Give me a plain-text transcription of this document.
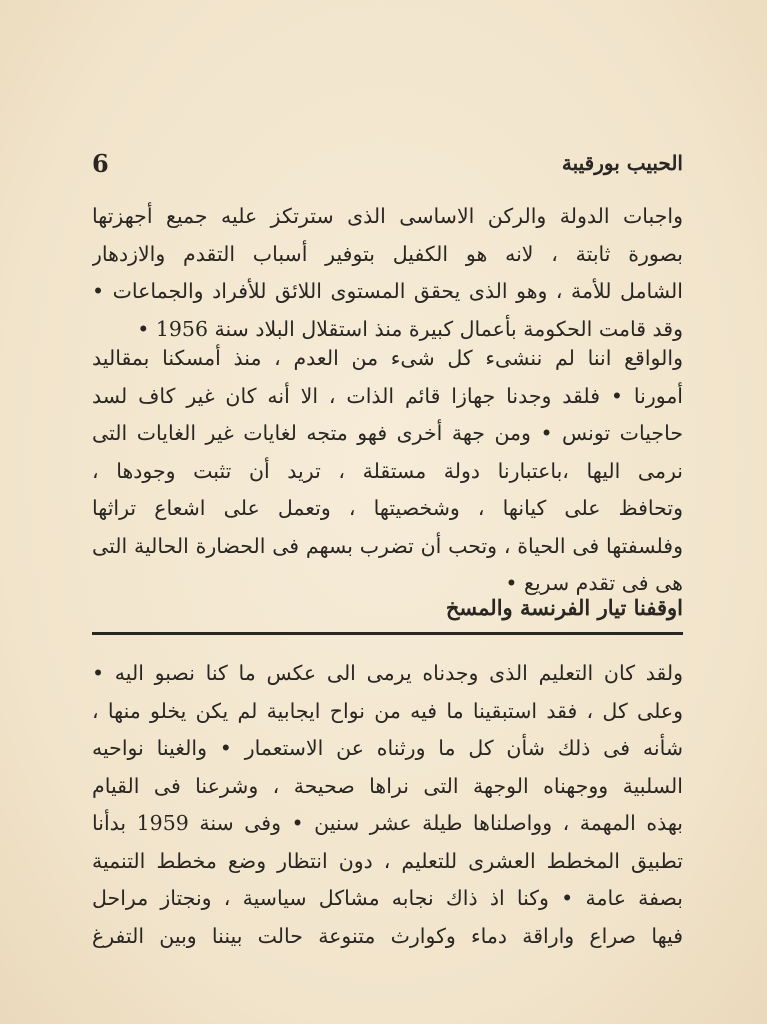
6	الحبيب بورقيبة
واجبات الدولة والركن الاساسى الذى سترتكز عليه جميع أجهزتها
بصورة ثابتة ، لانه هو الكفيل بتوفير أسباب التقدم والازدهار
الشامل للأمة ، وهو الذى يحقق المستوى اللائق للأفراد والجماعات •
وقد قامت الحكومة بأعمال كبيرة منذ استقلال البلاد سنة 1956 •
والواقع اننا لم ننشىء كل شىء من العدم ، منذ أمسكنا بمقاليد
أمورنا • فلقد وجدنا جهازا قائم الذات ، الا أنه كان غير كاف لسد
حاجيات تونس • ومن جهة أخرى فهو متجه لغايات غير الغايات التى
نرمى اليها ،باعتبارنا دولة مستقلة ، تريد أن تثبت وجودها ،
وتحافظ على كيانها ، وشخصيتها ، وتعمل على اشعاع تراثها
وفلسفتها فى الحياة ، وتحب أن تضرب بسهم فى الحضارة الحالية التى
هى فى تقدم سريع •
اوقفنا تيار الفرنسة والمسخ
ولقد كان التعليم الذى وجدناه يرمى الى عكس ما كنا نصبو اليه •
وعلى كل ، فقد استبقينا ما فيه من نواح ايجابية لم يكن يخلو منها ،
شأنه فى ذلك شأن كل ما ورثناه عن الاستعمار • والغينا نواحيه
السلبية ووجهناه الوجهة التى نراها صحيحة ، وشرعنا فى القيام
بهذه المهمة ، وواصلناها طيلة عشر سنين • وفى سنة 1959 بدأنا
تطبيق المخطط العشرى للتعليم ، دون انتظار وضع مخطط التنمية
بصفة عامة • وكنا اذ ذاك نجابه مشاكل سياسية ، ونجتاز مراحل
فيها صراع واراقة دماء وكوارث متنوعة حالت بيننا وبين التفرغ
